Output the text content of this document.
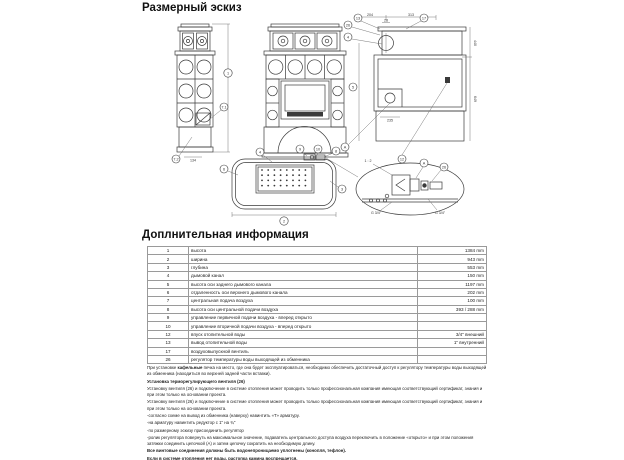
Размерный эскиз
1
7.1
134
7.2
204	313
28
235
5
440
649
13	17
26
4
A
2
6
3
4
9	10	8
1 : 2	12
A
26
G 3/4"	G 3/4"
Доплнительная информация
1	высота	1384 mm
2	ширина	943 mm
3	глубина	553 mm
4	дымовой канал	150 mm
5	высота оси заднего дымового канала	1197 mm
6	отдаленность оси верхнего дымового канала	202 mm
7	центральная подача воздуха	100 mm
8	высота оси центральной подачи воздуха	393 / 288 mm
9	управление первичной подачи воздуха - вперед открыто	
10	управление вторичной подачи воздуха - вперед открыто	
12	впуск отопительной воды	3/4" внешний
13	вывод отопительной воды	1" внутренний
17	воздуховыпускной вентиль	
26	регулятор температуры воды выходящей из обменника	

При установке кафельные печка на место, где она будет эксплуатироваться, необходимо обеспечить достаточный доступ к регулятору температуры воды выходящей из обменника (находиться во верхней задней части вставки).

Установка терморегулирующего вентиля (26)

Установку вентиля (26) и подключение в системе отопления может проводить только профессиональная компания имеющая соответствующий сертификат, знания и при этом только на основании проекта.

Установку вентиля (26) и подключение в системе отопления может проводить только профессиональная компания имеющая соответствующий сертификат, знания и при этом только на основании проекта.

-согласно схеме на вывод из обменника (наверху) навинтить «Т» арматуру.

-на арматуру навинтить редуктор с 1" на ¾"

-по размерному эскизу присоединить регулятор

-ролик регулятора повернуть на максимальное значение, подаватель центрального доступа воздуха переключить в положение «открыто» и при этом положения затяжки соединить цепочкой (А) и затем цепочку сократить на необходимую длину.

Все винтовые соединения должны быть водонепроницаемо уплотнены (конопля, тефлон).

Если в системе отопления нет воды, растопка камина воспрещается.
